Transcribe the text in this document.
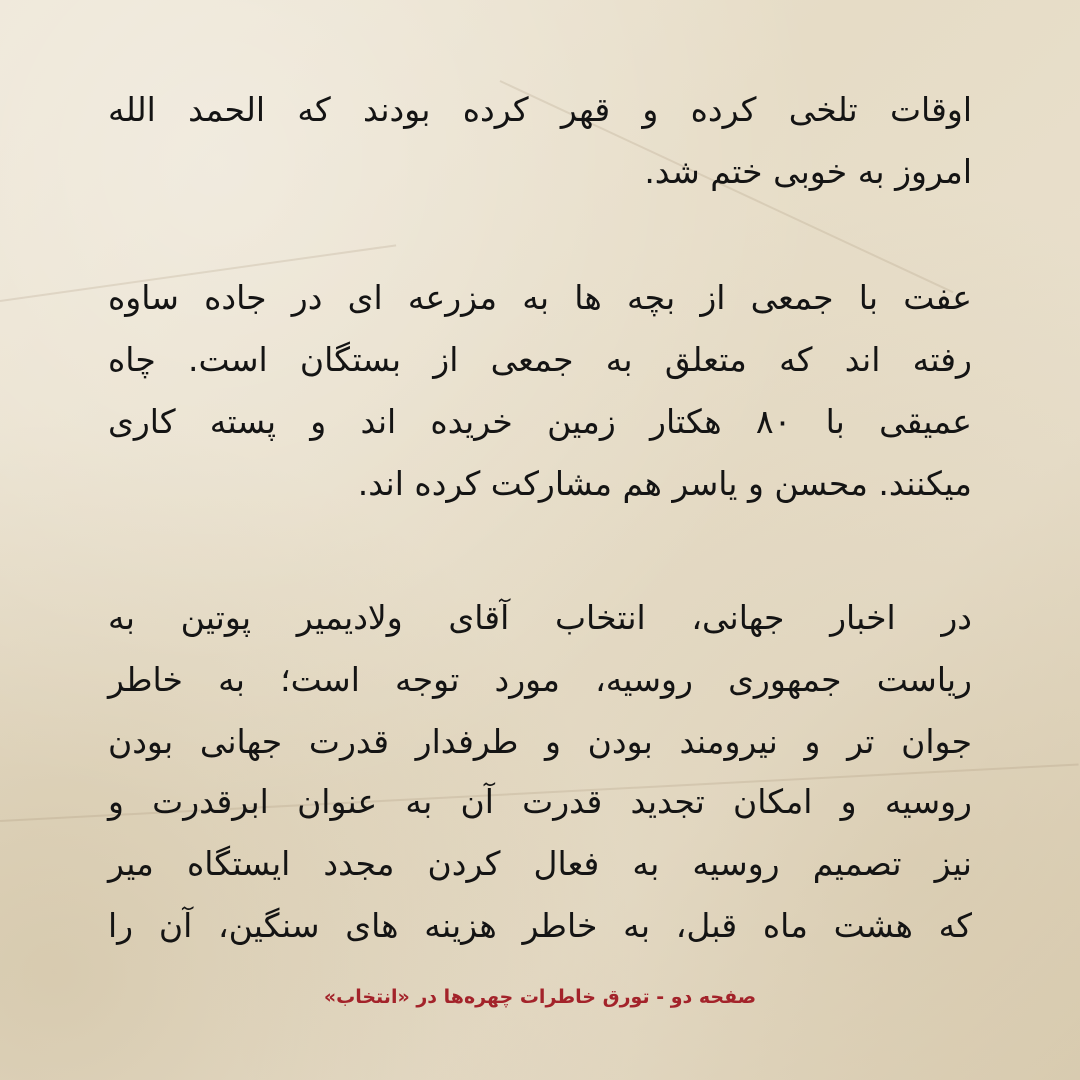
اوقات تلخی کرده و قهر کرده بودند که الحمد الله
امروز به خوبی ختم شد.
عفت با جمعی از بچه ها به مزرعه ای در جاده ساوه
رفته اند که متعلق به جمعی از بستگان است. چاه
عمیقی با ۸۰ هکتار زمین خریده اند و پسته کاری
میکنند. محسن و یاسر هم مشارکت کرده اند.
در اخبار جهانی، انتخاب آقای ولادیمیر پوتین به
ریاست جمهوری روسیه، مورد توجه است؛ به خاطر
جوان تر و نیرومند بودن و طرفدار قدرت جهانی بودن
روسیه و امکان تجدید قدرت آن به عنوان ابرقدرت و
نیز تصمیم روسیه به فعال کردن مجدد ایستگاه میر
که هشت ماه قبل، به خاطر هزینه های سنگین، آن را
صفحه دو - تورق خاطرات چهره‌ها در «انتخاب»
